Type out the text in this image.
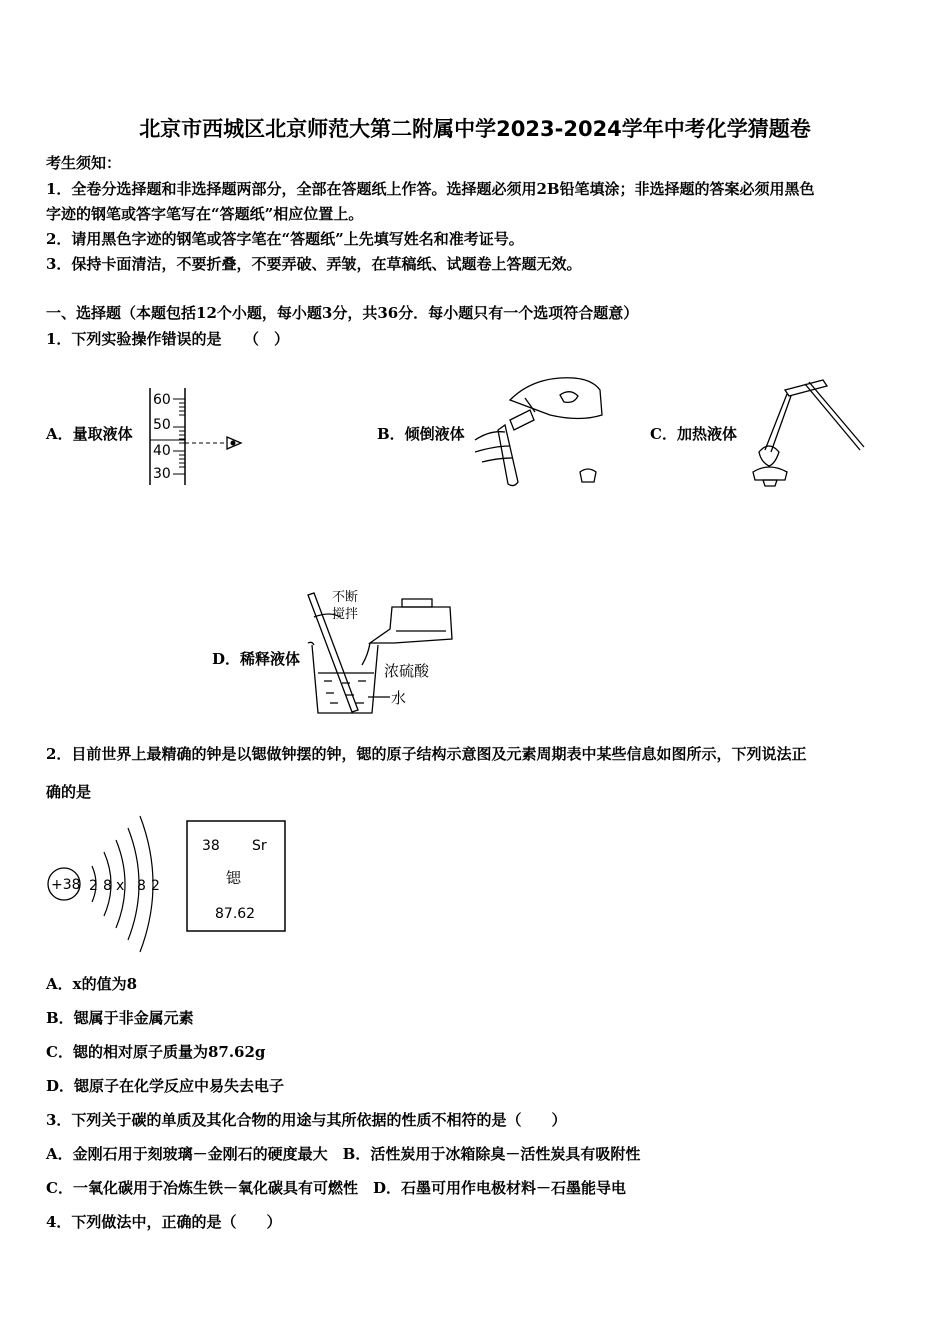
北京市西城区北京师范大第二附属中学2023-2024学年中考化学猜题卷
考生须知：
1．全卷分选择题和非选择题两部分，全部在答题纸上作答。选择题必须用2B铅笔填涂；非选择题的答案必须用黑色
字迹的钢笔或答字笔写在“答题纸”相应位置上。
2．请用黑色字迹的钢笔或答字笔在“答题纸”上先填写姓名和准考证号。
3．保持卡面清洁，不要折叠，不要弄破、弄皱，在草稿纸、试题卷上答题无效。
一、选择题（本题包括12个小题，每小题3分，共36分．每小题只有一个选项符合题意）
1．下列实验操作错误的是　　（　）
A．量取液体
60
50
40
30
B．倾倒液体	C．加热液体
D．稀释液体
不断
搅拌
浓硫酸
水
2．目前世界上最精确的钟是以锶做钟摆的钟，锶的原子结构示意图及元素周期表中某些信息如图所示，下列说法正
确的是
+38 2 8 x 8 2
38 Sr
锶
87.62
A．x的值为8
B．锶属于非金属元素
C．锶的相对原子质量为87.62g
D．锶原子在化学反应中易失去电子
3．下列关于碳的单质及其化合物的用途与其所依据的性质不相符的是（　　）
A．金刚石用于刻玻璃－金刚石的硬度最大　B．活性炭用于冰箱除臭－活性炭具有吸附性
C．一氧化碳用于冶炼生铁－氧化碳具有可燃性　D．石墨可用作电极材料－石墨能导电
4．下列做法中，正确的是（　　）
